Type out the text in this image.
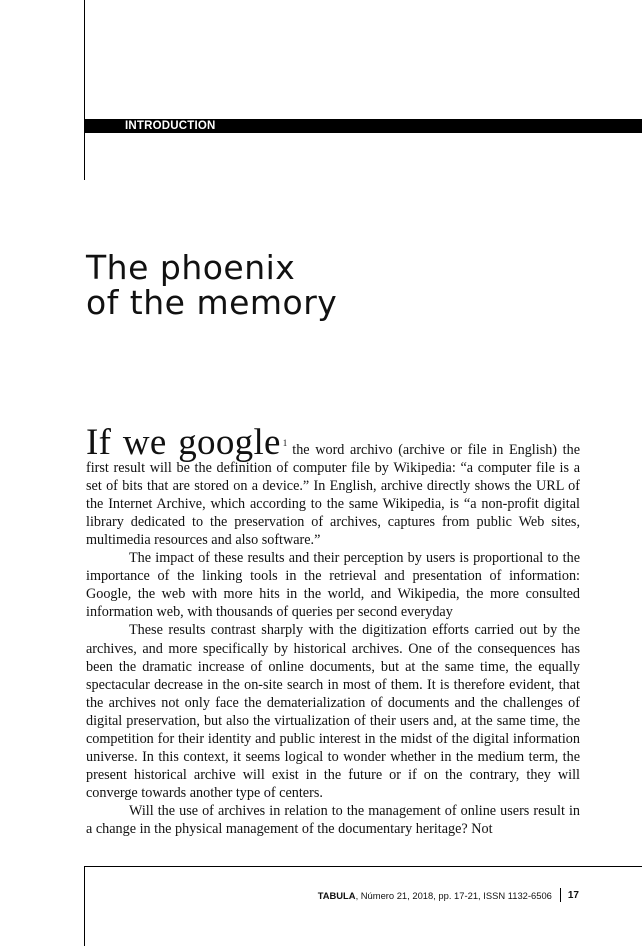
INTRODUCTION
The phoenix
of the memory

If we google $^1$ the word archivo (archive or file in English) the first result will be the definition of computer file by Wikipedia: “a computer file is a set of bits that are stored on a device.” In English, archive directly shows the URL of the Internet Archive, which according to the same Wikipedia, is “a non-profit digital library dedicated to the preservation of archives, captures from public Web sites, multimedia resources and also software.”

The impact of these results and their perception by users is proportional to the importance of the linking tools in the retrieval and presentation of information: Google, the web with more hits in the world, and Wikipedia, the more consulted information web, with thousands of queries per second everyday

These results contrast sharply with the digitization efforts carried out by the archives, and more specifically by historical archives. One of the consequences has been the dramatic increase of online documents, but at the same time, the equally spectacular decrease in the on-site search in most of them. It is therefore evident, that the archives not only face the dematerialization of documents and the challenges of digital preservation, but also the virtualization of their users and, at the same time, the competition for their identity and public interest in the midst of the digital information universe. In this context, it seems logical to wonder whether in the medium term, the present historical archive will exist in the future or if on the contrary, they will converge towards another type of centers.

Will the use of archives in relation to the management of online users result in a change in the physical management of the documentary heritage? Not

TABULA , Número 21, 2018, pp. 17-21, ISSN 1132-6506 17
